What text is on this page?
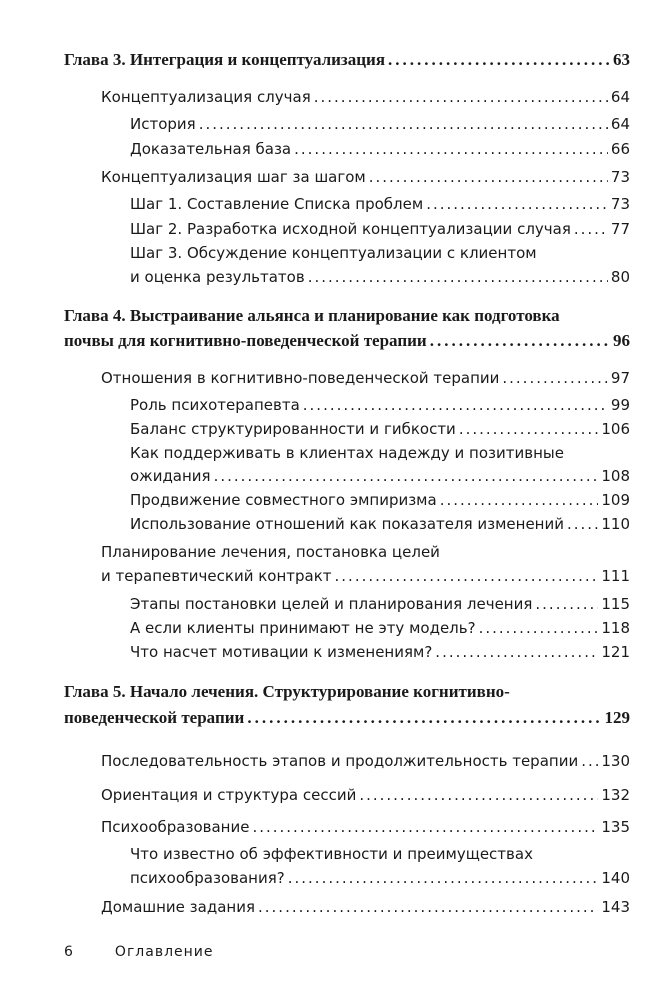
Глава 3. Интеграция и концептуализация .....	63
Концептуализация случая .....	64
История .....	64
Доказательная база .....	66
Концептуализация шаг за шагом .....	73
Шаг 1. Составление Списка проблем .....	73
Шаг 2. Разработка исходной концептуализации случая .....	77
Шаг 3. Обсуждение концептуализации с клиентом
и оценка результатов .....	80
Глава 4. Выстраивание альянса и планирование как подготовка
почвы для когнитивно-поведенческой терапии .....	96
Отношения в когнитивно-поведенческой терапии .....	97
Роль психотерапевта .....	99
Баланс структурированности и гибкости .....	106
Как поддерживать в клиентах надежду и позитивные
ожидания .....	108
Продвижение совместного эмпиризма .....	109
Использование отношений как показателя изменений ..... 110
Планирование лечения, постановка целей
и терапевтический контракт .....	111
Этапы постановки целей и планирования лечения .....	115
А если клиенты принимают не эту модель? .....	118
Что насчет мотивации к изменениям? .....	121
Глава 5. Начало лечения. Структурирование когнитивно-
поведенческой терапии .....	129
Последовательность этапов и продолжительность терапии ..... 130
Ориентация и структура сессий .....	132
Психообразование .....	135
Что известно об эффективности и преимуществах
психообразования? .....	140
Домашние задания .....	143
6	Оглавление
